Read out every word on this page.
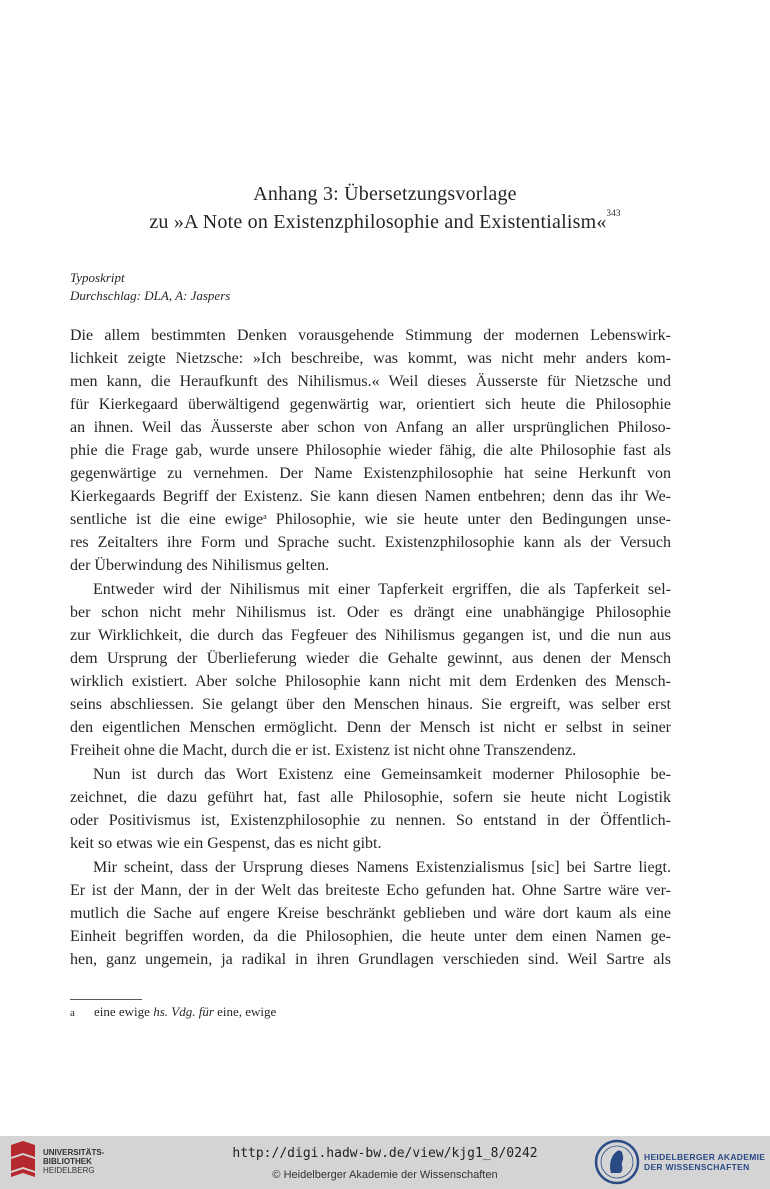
Anhang 3: Übersetzungsvorlage
zu »A Note on Existenzphilosophie and Existentialism«$^{343}$
Typoskript
Durchschlag: DLA, A: Jaspers
Die allem bestimmten Denken vorausgehende Stimmung der modernen Lebenswirk-
lichkeit zeigte Nietzsche: »Ich beschreibe, was kommt, was nicht mehr anders kom-
men kann, die Heraufkunft des Nihilismus.« Weil dieses Äusserste für Nietzsche und
für Kierkegaard überwältigend gegenwärtig war, orientiert sich heute die Philosophie
an ihnen. Weil das Äusserste aber schon von Anfang an aller ursprünglichen Philoso-
phie die Frage gab, wurde unsere Philosophie wieder fähig, die alte Philosophie fast als
gegenwärtige zu vernehmen. Der Name Existenzphilosophie hat seine Herkunft von
Kierkegaards Begriff der Existenz. Sie kann diesen Namen entbehren; denn das ihr We-
sentliche ist die eine ewige$^a$ Philosophie, wie sie heute unter den Bedingungen unse-
res Zeitalters ihre Form und Sprache sucht. Existenzphilosophie kann als der Versuch
der Überwindung des Nihilismus gelten.
Entweder wird der Nihilismus mit einer Tapferkeit ergriffen, die als Tapferkeit sel-
ber schon nicht mehr Nihilismus ist. Oder es drängt eine unabhängige Philosophie
zur Wirklichkeit, die durch das Fegfeuer des Nihilismus gegangen ist, und die nun aus
dem Ursprung der Überlieferung wieder die Gehalte gewinnt, aus denen der Mensch
wirklich existiert. Aber solche Philosophie kann nicht mit dem Erdenken des Mensch-
seins abschliessen. Sie gelangt über den Menschen hinaus. Sie ergreift, was selber erst
den eigentlichen Menschen ermöglicht. Denn der Mensch ist nicht er selbst in seiner
Freiheit ohne die Macht, durch die er ist. Existenz ist nicht ohne Transzendenz.
Nun ist durch das Wort Existenz eine Gemeinsamkeit moderner Philosophie be-
zeichnet, die dazu geführt hat, fast alle Philosophie, sofern sie heute nicht Logistik
oder Positivismus ist, Existenzphilosophie zu nennen. So entstand in der Öffentlich-
keit so etwas wie ein Gespenst, das es nicht gibt.
Mir scheint, dass der Ursprung dieses Namens Existenzialismus [sic] bei Sartre liegt.
Er ist der Mann, der in der Welt das breiteste Echo gefunden hat. Ohne Sartre wäre ver-
mutlich die Sache auf engere Kreise beschränkt geblieben und wäre dort kaum als eine
Einheit begriffen worden, da die Philosophien, die heute unter dem einen Namen ge-
hen, ganz ungemein, ja radikal in ihren Grundlagen verschieden sind. Weil Sartre als
a eine ewige hs. Vdg. für eine, ewige
UNIVERSITÄTS-
BIBLIOTHEK
HEIDELBERG
http://digi.hadw-bw.de/view/kjg1_8/0242
© Heidelberger Akademie der Wissenschaften
HEIDELBERGER AKADEMIE
DER WISSENSCHAFTEN
